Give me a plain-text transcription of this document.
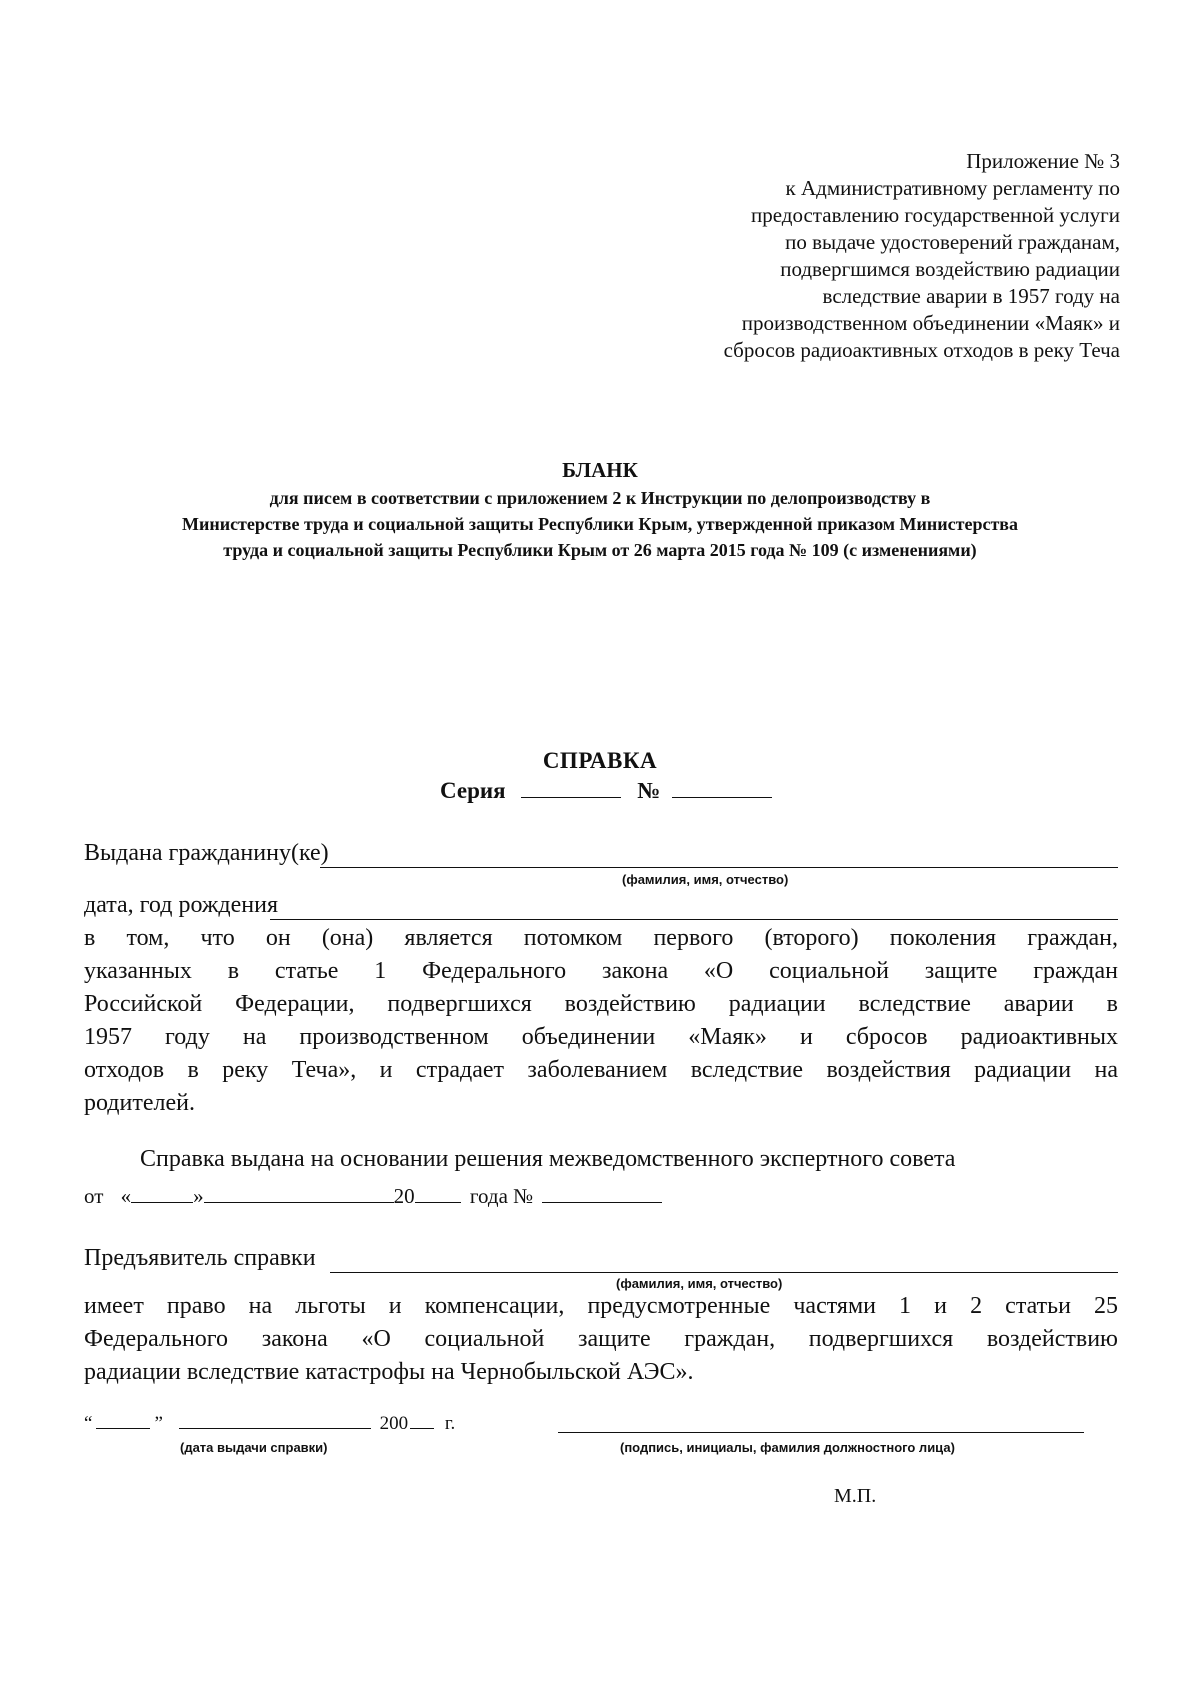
Приложение № 3
к Административному регламенту по
предоставлению государственной услуги
по выдаче удостоверений гражданам,
подвергшимся воздействию радиации
вследствие аварии в 1957 году на
производственном объединении «Маяк» и
сбросов радиоактивных отходов в реку Теча
БЛАНК
для писем в соответствии с приложением 2 к Инструкции по делопроизводству в
Министерстве труда и социальной защиты Республики Крым, утвержденной приказом Министерства
труда и социальной защиты Республики Крым от 26 марта 2015 года № 109 (с изменениями)
СПРАВКА
Серия	№
Выдана гражданину(ке)
(фамилия, имя, отчество)
дата, год рождения
в том, что он (она) является потомком первого (второго) поколения граждан,
указанных в статье 1 Федерального закона «О социальной защите граждан
Российской Федерации, подвергшихся воздействию радиации вследствие аварии в
1957 году на производственном объединении «Маяк» и сбросов радиоактивных
отходов в реку Теча», и страдает заболеванием вследствие воздействия радиации на
родителей.
Справка выдана на основании решения межведомственного экспертного совета
от «	»	20	года №
Предъявитель справки
(фамилия, имя, отчество)
имеет право на льготы и компенсации, предусмотренные частями 1 и 2 статьи 25
Федерального закона «О социальной защите граждан, подвергшихся воздействию
радиации вследствие катастрофы на Чернобыльской АЭС».
“	”	200 г.
(дата выдачи справки)	(подпись, инициалы, фамилия должностного лица)
М.П.
